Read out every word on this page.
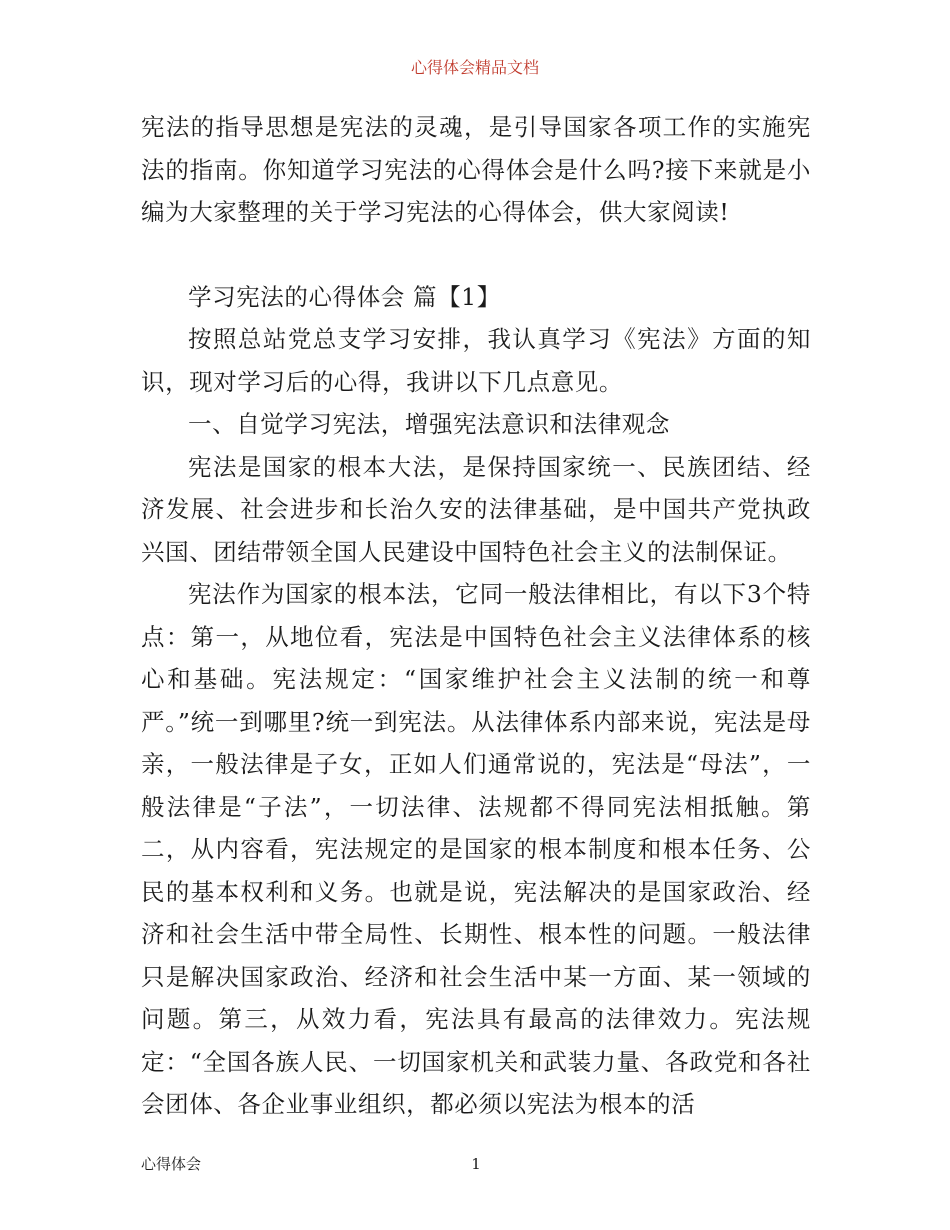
心得体会精品文档

宪法的指导思想是宪法的灵魂，是引导国家各项工作的实施宪法的指南。你知道学习宪法的心得体会是什么吗?接下来就是小编为大家整理的关于学习宪法的心得体会，供大家阅读!

学习宪法的心得体会 篇【1】

按照总站党总支学习安排，我认真学习《宪法》方面的知识，现对学习后的心得，我讲以下几点意见。

一、自觉学习宪法，增强宪法意识和法律观念

宪法是国家的根本大法，是保持国家统一、民族团结、经济发展、社会进步和长治久安的法律基础，是中国共产党执政兴国、团结带领全国人民建设中国特色社会主义的法制保证。

宪法作为国家的根本法，它同一般法律相比，有以下3个特点：第一，从地位看，宪法是中国特色社会主义法律体系的核心和基础。宪法规定：“国家维护社会主义法制的统一和尊严。”统一到哪里?统一到宪法。从法律体系内部来说，宪法是母亲，一般法律是子女，正如人们通常说的，宪法是“母法”，一般法律是“子法”，一切法律、法规都不得同宪法相抵触。第二，从内容看，宪法规定的是国家的根本制度和根本任务、公民的基本权利和义务。也就是说，宪法解决的是国家政治、经济和社会生活中带全局性、长期性、根本性的问题。一般法律只是解决国家政治、经济和社会生活中某一方面、某一领域的问题。第三，从效力看，宪法具有最高的法律效力。宪法规定：“全国各族人民、一切国家机关和武装力量、各政党和各社会团体、各企业事业组织，都必须以宪法为根本的活

心得体会	1
